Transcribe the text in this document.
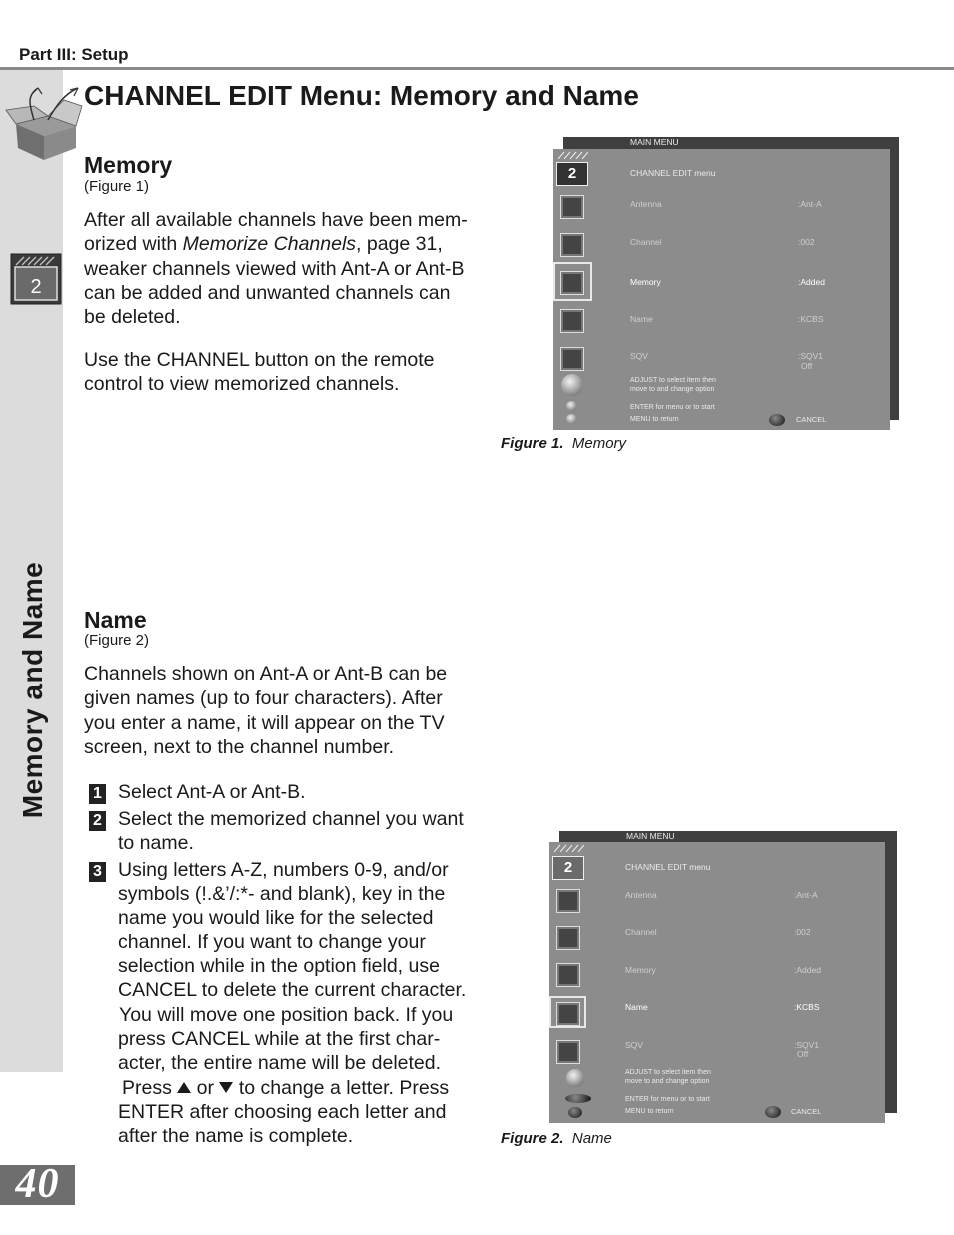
Part III: Setup
Memory and Name
2
CHANNEL EDIT Menu: Memory and Name
Memory
(Figure 1)
After all available channels have been mem-
orized with Memorize Channels, page 31,
weaker channels viewed with Ant-A or Ant-B
can be added and unwanted channels can
be deleted.
Use the CHANNEL button on the remote
control to view memorized channels.
Name
(Figure 2)
Channels shown on Ant-A or Ant-B can be
given names (up to four characters). After
you enter a name, it will appear on the TV
screen, next to the channel number.
1 Select Ant-A or Ant-B.
2 Select the memorized channel you want
to name.
3 Using letters A-Z, numbers 0-9, and/or
symbols (!.&’/:*- and blank), key in the
name you would like for the selected
channel. If you want to change your
selection while in the option field, use
CANCEL to delete the current character.
You will move one position back. If you
press CANCEL while at the first char-
acter, the entire name will be deleted.
Press  or  to change a letter. Press
ENTER after choosing each letter and
after the name is complete.
MAIN MENU
2	CHANNEL EDIT menu
Antenna	:Ant-A
Channel	:002
Memory	:Added
Name	:KCBS
SQV	:SQV1
Off
ADJUST to select item then
move to and change option
ENTER for menu or to start
MENU to return	CANCEL
Figure 1. Memory
MAIN MENU
2	CHANNEL EDIT menu
Antenna	:Ant-A
Channel	:002
Memory	:Added
Name	:KCBS
SQV	:SQV1
Off
ADJUST to select item then
move to and change option
ENTER for menu or to start
MENU to return	CANCEL
Figure 2. Name
40
